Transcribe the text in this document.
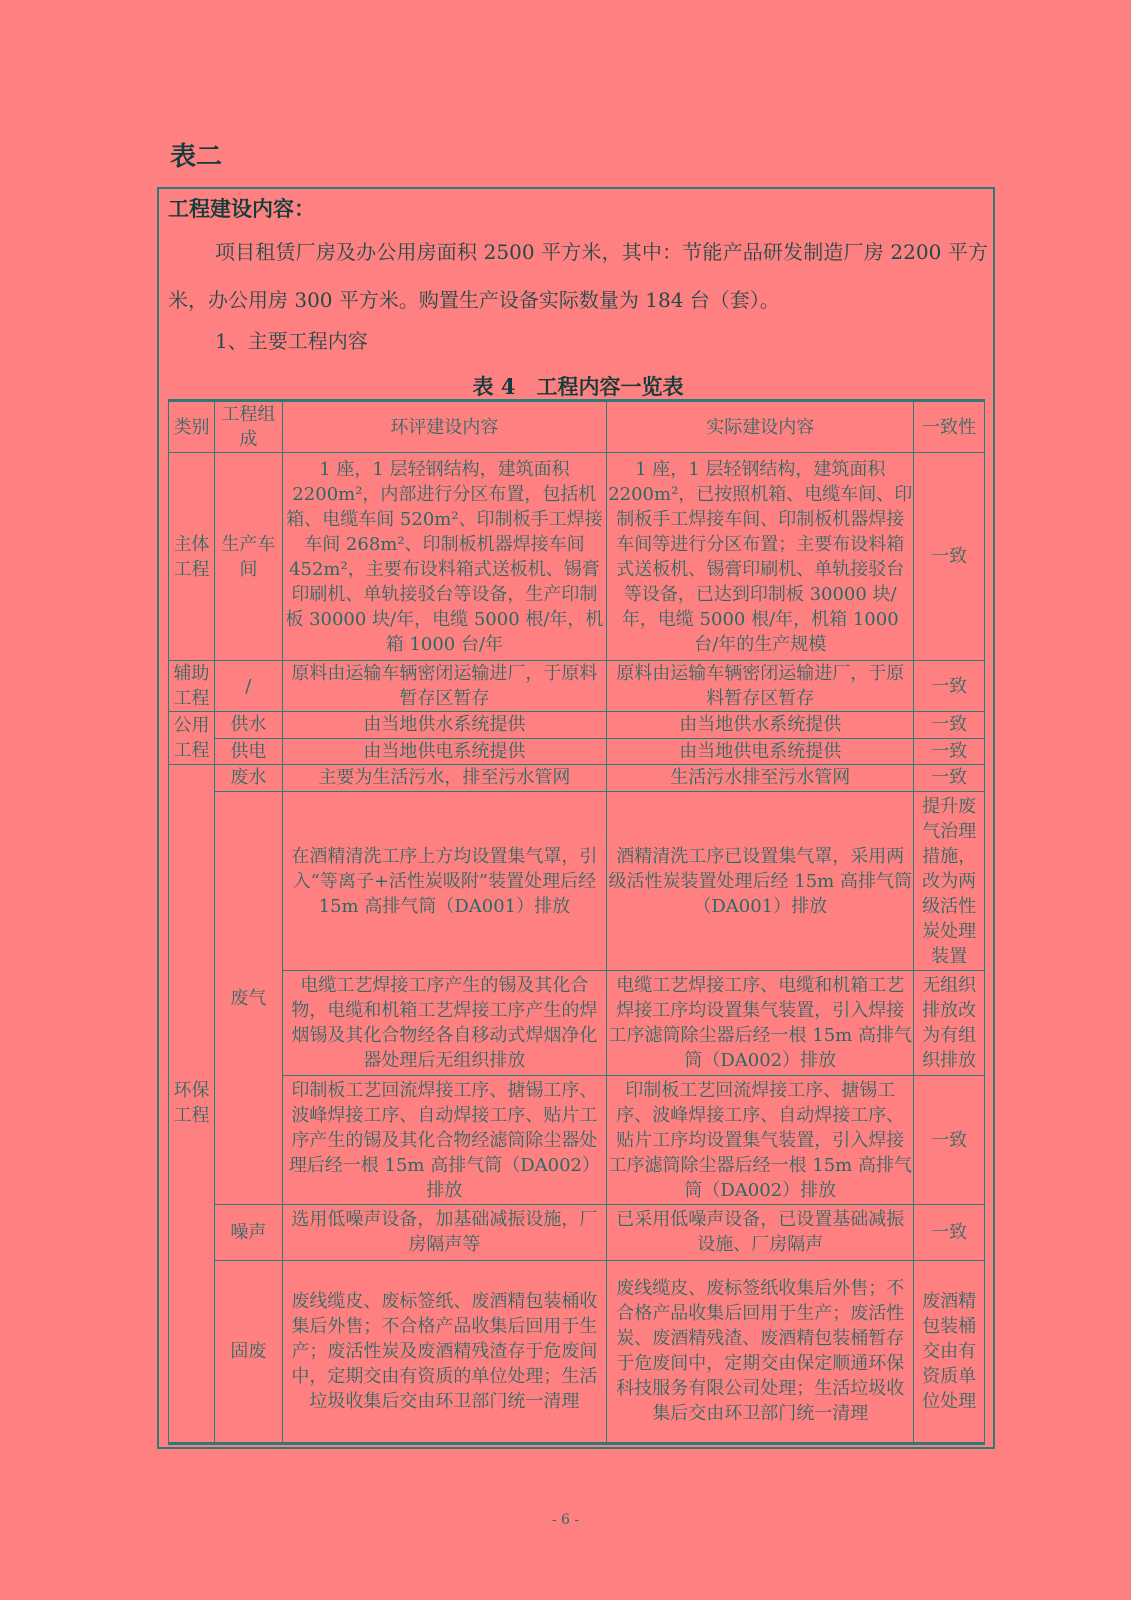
表二
工程建设内容：
项目租赁厂房及办公用房面积 2500 平方米，其中：节能产品研发制造厂房 2200 平方米，办公用房 300 平方米。购置生产设备实际数量为 184 台（套）。
1、主要工程内容
表 4　工程内容一览表
类别	工程组成	环评建设内容	实际建设内容	一致性
主体工程	生产车间	1 座，1 层轻钢结构，建筑面积 2200m²，内部进行分区布置，包括机箱、电缆车间 520m²、印制板手工焊接车间 268m²、印制板机器焊接车间 452m²，主要布设料箱式送板机、锡膏印刷机、单轨接驳台等设备，生产印制板 30000 块/年，电缆 5000 根/年，机箱 1000 台/年	1 座，1 层轻钢结构，建筑面积 2200m²，已按照机箱、电缆车间、印制板手工焊接车间、印制板机器焊接车间等进行分区布置；主要布设料箱式送板机、锡膏印刷机、单轨接驳台等设备，已达到印制板 30000 块/年，电缆 5000 根/年，机箱 1000 台/年的生产规模	一致
辅助工程	/	原料由运输车辆密闭运输进厂，于原料暂存区暂存	原料由运输车辆密闭运输进厂，于原料暂存区暂存	一致
公用工程	供水	由当地供水系统提供	由当地供水系统提供	一致
	供电	由当地供电系统提供	由当地供电系统提供	一致
环保工程	废水	主要为生活污水，排至污水管网	生活污水排至污水管网	一致
	废气	在酒精清洗工序上方均设置集气罩，引入“等离子+活性炭吸附”装置处理后经 15m 高排气筒（DA001）排放	酒精清洗工序已设置集气罩，采用两级活性炭装置处理后经 15m 高排气筒（DA001）排放	提升废气治理措施，改为两级活性炭处理装置
		电缆工艺焊接工序产生的锡及其化合物，电缆和机箱工艺焊接工序产生的焊烟锡及其化合物经各自移动式焊烟净化器处理后无组织排放	电缆工艺焊接工序、电缆和机箱工艺焊接工序均设置集气装置，引入焊接工序滤筒除尘器后经一根 15m 高排气筒（DA002）排放	无组织排放改为有组织排放
		印制板工艺回流焊接工序、搪锡工序、波峰焊接工序、自动焊接工序、贴片工序产生的锡及其化合物经滤筒除尘器处理后经一根 15m 高排气筒（DA002）排放	印制板工艺回流焊接工序、搪锡工序、波峰焊接工序、自动焊接工序、贴片工序均设置集气装置，引入焊接工序滤筒除尘器后经一根 15m 高排气筒（DA002）排放	一致
	噪声	选用低噪声设备，加基础减振设施，厂房隔声等	已采用低噪声设备，已设置基础减振设施、厂房隔声	一致
	固废	废线缆皮、废标签纸、废酒精包装桶收集后外售；不合格产品收集后回用于生产；废活性炭及废酒精残渣存于危废间中，定期交由有资质的单位处理；生活垃圾收集后交由环卫部门统一清理	废线缆皮、废标签纸收集后外售；不合格产品收集后回用于生产；废活性炭、废酒精残渣、废酒精包装桶暂存于危废间中，定期交由保定顺通环保科技服务有限公司处理；生活垃圾收集后交由环卫部门统一清理	废酒精包装桶交由有资质单位处理
- 6 -
